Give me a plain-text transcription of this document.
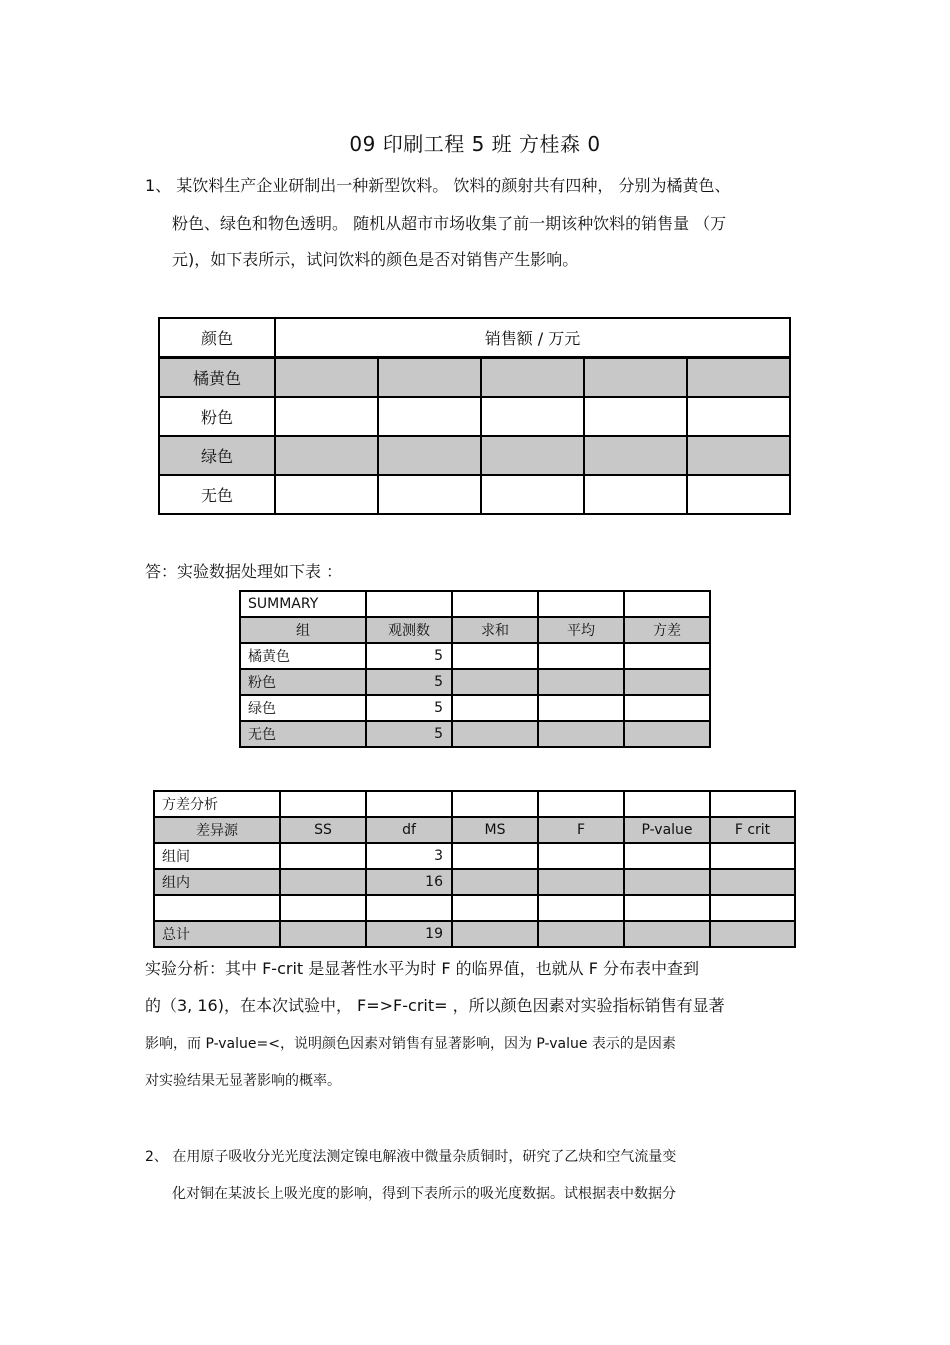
09 印刷工程 5 班 方桂森 0
1、 某饮料生产企业研制出一种新型饮料。 饮料的颜射共有四种， 分别为橘黄色、
粉色、绿色和物色透明。 随机从超市市场收集了前一期该种饮料的销售量 （万
元)，如下表所示，试问饮料的颜色是否对销售产生影响。
颜色	销售额 / 万元				
橘黄色					
粉色					
绿色					
无色					
答：实验数据处理如下表 ：
SUMMARY				
组	观测数	求和	平均	方差
橘黄色	5			
粉色	5			
绿色	5			
无色	5			
方差分析						
差异源	SS	df	MS	F	P-value	F crit
组间		3				
组内		16				

总计		19				
实验分析：其中 F-crit 是显著性水平为时 F 的临界值，也就从 F 分布表中查到
的（3, 16)，在本次试验中， F=>F-crit= ，所以颜色因素对实验指标销售有显著
影响，而 P-value=<，说明颜色因素对销售有显著影响，因为 P-value 表示的是因素
对实验结果无显著影响的概率。
2、 在用原子吸收分光光度法测定镍电解液中微量杂质铜时，研究了乙炔和空气流量变
化对铜在某波长上吸光度的影响，得到下表所示的吸光度数据。试根据表中数据分
